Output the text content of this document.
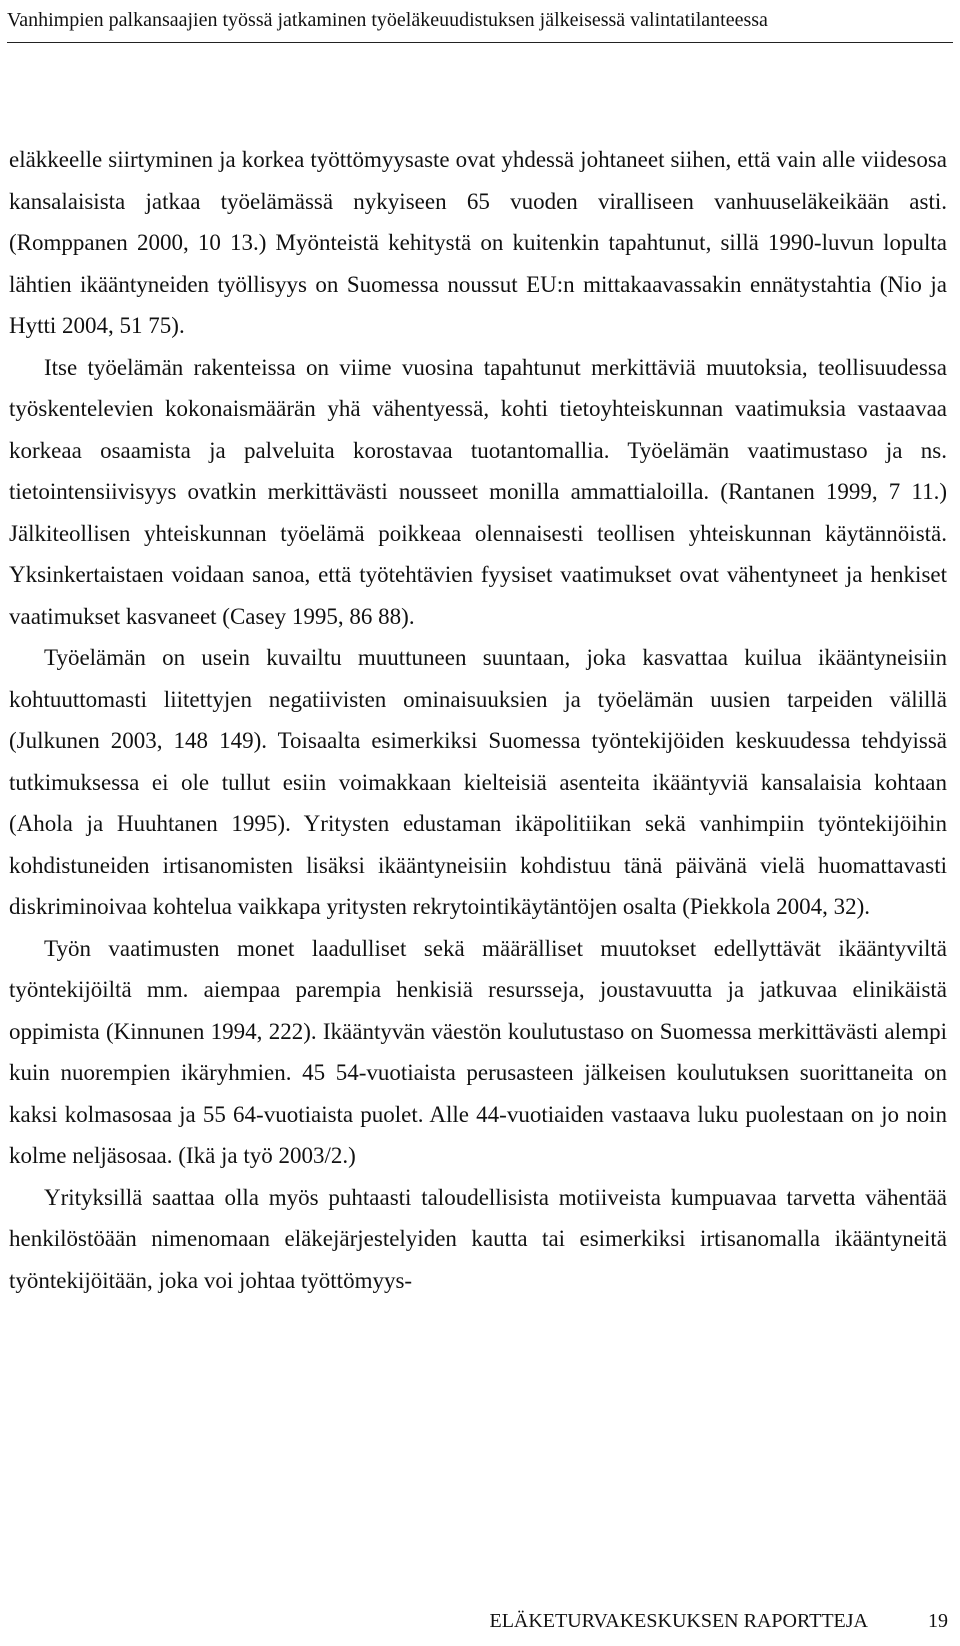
Vanhimpien palkansaajien työssä jatkaminen työeläkeuudistuksen jälkeisessä valintatilanteessa

eläkkeelle siirtyminen ja korkea työttömyysaste ovat yhdessä johtaneet siihen, että vain alle viidesosa kansalaisista jatkaa työelämässä nykyiseen 65 vuoden viralliseen vanhuuseläkeikään asti. (Romppanen 2000, 10 13.) Myönteistä kehitystä on kuitenkin tapahtunut, sillä 1990-luvun lopulta lähtien ikääntyneiden työllisyys on Suomessa noussut EU:n mittakaavassakin ennätystahtia (Nio ja Hytti 2004, 51 75).

Itse työelämän rakenteissa on viime vuosina tapahtunut merkittäviä muutoksia, teollisuudessa työskentelevien kokonaismäärän yhä vähentyessä, kohti tietoyhteiskunnan vaatimuksia vastaavaa korkeaa osaamista ja palveluita korostavaa tuotantomallia. Työelämän vaatimustaso ja ns. tietointensiivisyys ovatkin merkittävästi nousseet monilla ammattialoilla. (Rantanen 1999, 7 11.) Jälkiteollisen yhteiskunnan työelämä poikkeaa olennaisesti teollisen yhteiskunnan käytännöistä. Yksinkertaistaen voidaan sanoa, että työtehtävien fyysiset vaatimukset ovat vähentyneet ja henkiset vaatimukset kasvaneet (Casey 1995, 86 88).

Työelämän on usein kuvailtu muuttuneen suuntaan, joka kasvattaa kuilua ikääntyneisiin kohtuuttomasti liitettyjen negatiivisten ominaisuuksien ja työelämän uusien tarpeiden välillä (Julkunen 2003, 148 149). Toisaalta esimerkiksi Suomessa työntekijöiden keskuudessa tehdyissä tutkimuksessa ei ole tullut esiin voimakkaan kielteisiä asenteita ikääntyviä kansalaisia kohtaan (Ahola ja Huuhtanen 1995). Yritysten edustaman ikäpolitiikan sekä vanhimpiin työntekijöihin kohdistuneiden irtisanomisten lisäksi ikääntyneisiin kohdistuu tänä päivänä vielä huomattavasti diskriminoivaa kohtelua vaikkapa yritysten rekrytointikäytäntöjen osalta (Piekkola 2004, 32).

Työn vaatimusten monet laadulliset sekä määrälliset muutokset edellyttävät ikääntyviltä työntekijöiltä mm. aiempaa parempia henkisiä resursseja, joustavuutta ja jatkuvaa elinikäistä oppimista (Kinnunen 1994, 222). Ikääntyvän väestön koulutustaso on Suomessa merkittävästi alempi kuin nuorempien ikäryhmien. 45 54-vuotiaista perusasteen jälkeisen koulutuksen suorittaneita on kaksi kolmasosaa ja 55 64-vuotiaista puolet. Alle 44-vuotiaiden vastaava luku puolestaan on jo noin kolme neljäsosaa. (Ikä ja työ 2003/2.)

Yrityksillä saattaa olla myös puhtaasti taloudellisista motiiveista kumpuavaa tarvetta vähentää henkilöstöään nimenomaan eläkejärjestelyiden kautta tai esimerkiksi irtisanomalla ikääntyneitä työntekijöitään, joka voi johtaa työttömyys-

ELÄKETURVAKESKUKSEN RAPORTTEJA	19
